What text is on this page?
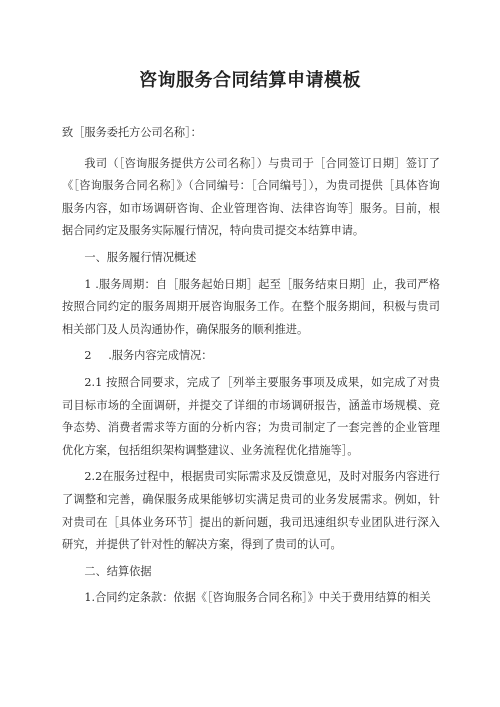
咨询服务合同结算申请模板

致［服务委托方公司名称］：

我司（［咨询服务提供方公司名称］）与贵司于［合同签订日期］签订了《［咨询服务合同名称］》（合同编号：［合同编号］），为贵司提供［具体咨询服务内容，如市场调研咨询、企业管理咨询、法律咨询等］服务。目前，根据合同约定及服务实际履行情况，特向贵司提交本结算申请。

一、服务履行情况概述

1 .服务周期：自［服务起始日期］起至［服务结束日期］止，我司严格按照合同约定的服务周期开展咨询服务工作。在整个服务期间，积极与贵司相关部门及人员沟通协作，确保服务的顺利推进。

2　 .服务内容完成情况：

2.1 按照合同要求，完成了［列举主要服务事项及成果，如完成了对贵司目标市场的全面调研，并提交了详细的市场调研报告，涵盖市场规模、竞争态势、消费者需求等方面的分析内容；为贵司制定了一套完善的企业管理优化方案，包括组织架构调整建议、业务流程优化措施等］。

2.2在服务过程中，根据贵司实际需求及反馈意见，及时对服务内容进行了调整和完善，确保服务成果能够切实满足贵司的业务发展需求。例如，针对贵司在［具体业务环节］提出的新问题，我司迅速组织专业团队进行深入研究，并提供了针对性的解决方案，得到了贵司的认可。

二、结算依据

1.合同约定条款：依据《［咨询服务合同名称］》中关于费用结算的相关
